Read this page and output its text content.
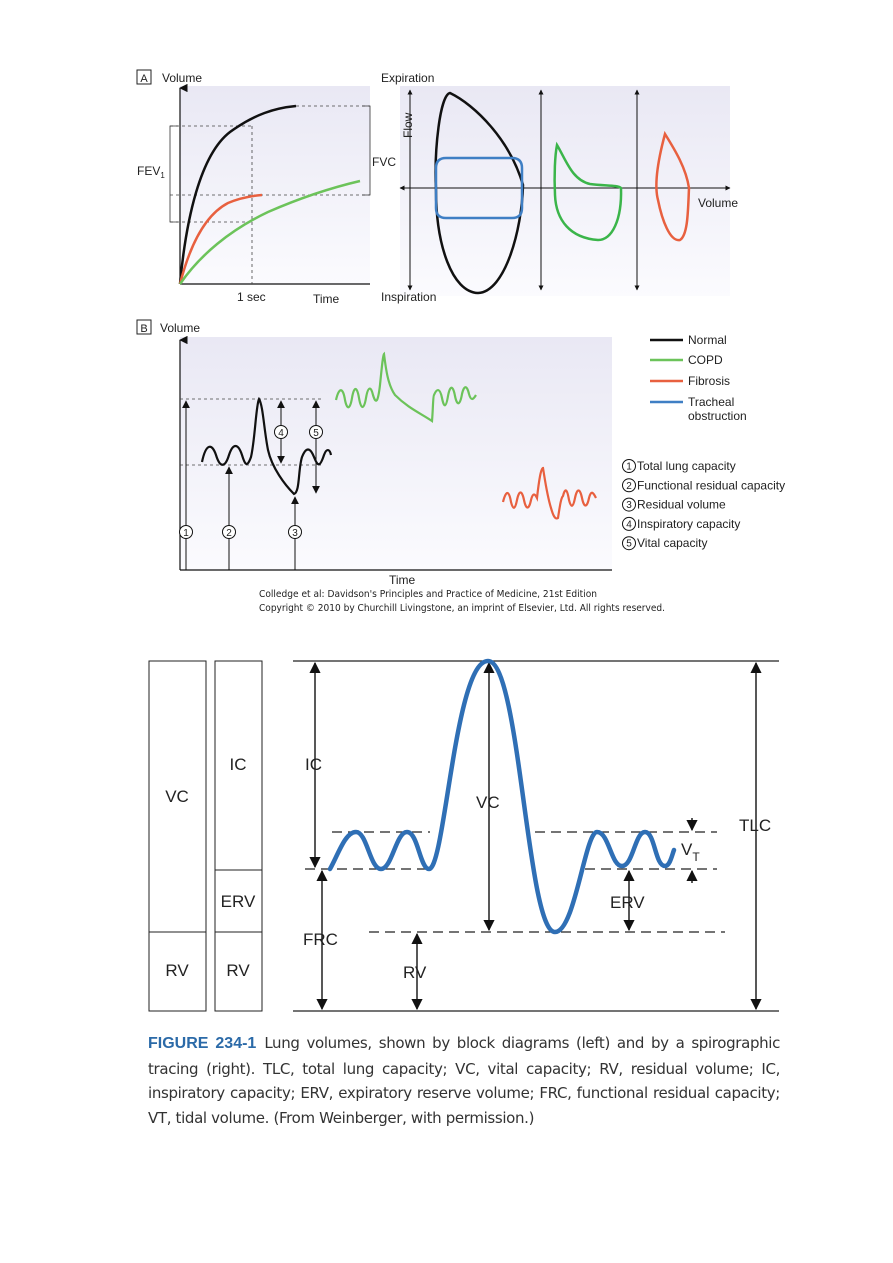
A Volume
$FEV_1$
FVC
1 sec	Time
Expiration
Inspiration
Flow
Volume
B Volume
Time
1	2	3
4	5
Normal
COPD
Fibrosis
Tracheal obstruction
1 Total lung capacity
2 Functional residual capacity
3 Residual volume
4 Inspiratory capacity
5 Vital capacity
Colledge et al: Davidson's Principles and Practice of Medicine, 21st Edition
Copyright © 2010 by Churchill Livingstone, an imprint of Elsevier, Ltd. All rights reserved.
VC
RV
IC
ERV
RV
IC
VC
FRC
RV
ERV
TLC
$V_T$
FIGURE 234-1 Lung volumes, shown by block diagrams (left) and by a spirographic tracing (right). TLC, total lung capacity; VC, vital capacity; RV, residual volume; IC, inspiratory capacity; ERV, expiratory reserve volume; FRC, functional residual capacity; VT, tidal volume. (From Weinberger, with permission.)
